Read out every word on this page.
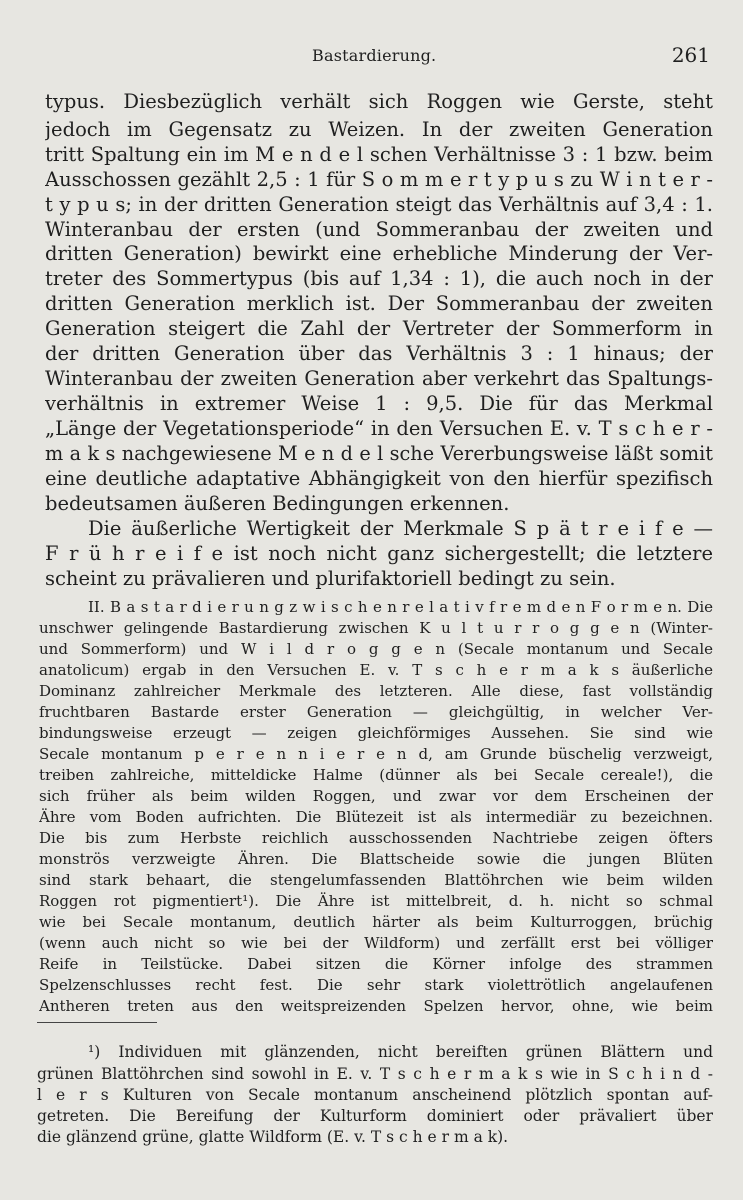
Bastardierung.	261
typus. Diesbezüglich verhält sich Roggen wie Gerste, steht
jedoch im Gegensatz zu Weizen. In der zweiten Generation
tritt Spaltung ein im M e n d e l schen Verhältnisse 3 : 1 bzw. beim
Ausschossen gezählt 2,5 : 1 für S o m m e r t y p u s zu W i n t e r -
t y p u s; in der dritten Generation steigt das Verhältnis auf 3,4 : 1.
Winteranbau der ersten (und Sommeranbau der zweiten und
dritten Generation) bewirkt eine erhebliche Minderung der Ver-
treter des Sommertypus (bis auf 1,34 : 1), die auch noch in der
dritten Generation merklich ist. Der Sommeranbau der zweiten
Generation steigert die Zahl der Vertreter der Sommerform in
der dritten Generation über das Verhältnis 3 : 1 hinaus; der
Winteranbau der zweiten Generation aber verkehrt das Spaltungs-
verhältnis in extremer Weise 1 : 9,5. Die für das Merkmal
„Länge der Vegetationsperiode“ in den Versuchen E. v. T s c h e r -
m a k s nachgewiesene M e n d e l sche Vererbungsweise läßt somit
eine deutliche adaptative Abhängigkeit von den hierfür spezifisch
bedeutsamen äußeren Bedingungen erkennen.
Die äußerliche Wertigkeit der Merkmale S p ä t r e i f e —
F r ü h r e i f e ist noch nicht ganz sichergestellt; die letztere
scheint zu prävalieren und plurifaktoriell bedingt zu sein.
II. B a s t a r d i e r u n g z w i s c h e n r e l a t i v f r e m d e n F o r m e n. Die
unschwer gelingende Bastardierung zwischen K u l t u r r o g g e n (Winter-
und Sommerform) und W i l d r o g g e n (Secale montanum und Secale
anatolicum) ergab in den Versuchen E. v. T s c h e r m a k s äußerliche
Dominanz zahlreicher Merkmale des letzteren. Alle diese, fast vollständig
fruchtbaren Bastarde erster Generation — gleichgültig, in welcher Ver-
bindungsweise erzeugt — zeigen gleichförmiges Aussehen. Sie sind wie
Secale montanum p e r e n n i e r e n d, am Grunde büschelig verzweigt,
treiben zahlreiche, mitteldicke Halme (dünner als bei Secale cereale!), die
sich früher als beim wilden Roggen, und zwar vor dem Erscheinen der
Ähre vom Boden aufrichten. Die Blütezeit ist als intermediär zu bezeichnen.
Die bis zum Herbste reichlich ausschossenden Nachtriebe zeigen öfters
monströs verzweigte Ähren. Die Blattscheide sowie die jungen Blüten
sind stark behaart, die stengelumfassenden Blattöhrchen wie beim wilden
Roggen rot pigmentiert¹). Die Ähre ist mittelbreit, d. h. nicht so schmal
wie bei Secale montanum, deutlich härter als beim Kulturroggen, brüchig
(wenn auch nicht so wie bei der Wildform) und zerfällt erst bei völliger
Reife in Teilstücke. Dabei sitzen die Körner infolge des strammen
Spelzenschlusses recht fest. Die sehr stark violettrötlich angelaufenen
Antheren treten aus den weitspreizenden Spelzen hervor, ohne, wie beim
¹) Individuen mit glänzenden, nicht bereiften grünen Blättern und
grünen Blattöhrchen sind sowohl in E. v. T s c h e r m a k s wie in S c h i n d -
l e r s Kulturen von Secale montanum anscheinend plötzlich spontan auf-
getreten. Die Bereifung der Kulturform dominiert oder prävaliert über
die glänzend grüne, glatte Wildform (E. v. T s c h e r m a k).
